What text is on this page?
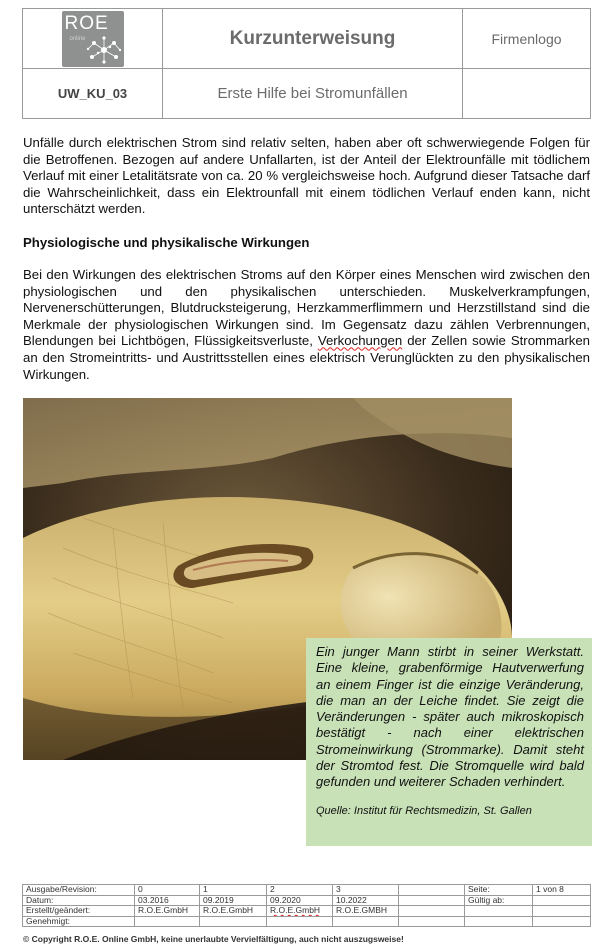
ROE
online	Kurzunterweisung	Firmenlogo
UW_KU_03	Erste Hilfe bei Stromunfällen	

Unfälle durch elektrischen Strom sind relativ selten, haben aber oft schwerwiegende Folgen für die Betroffenen. Bezogen auf andere Unfallarten, ist der Anteil der Elektrounfälle mit tödlichem Verlauf mit einer Letalitätsrate von ca. 20 % vergleichsweise hoch. Aufgrund dieser Tatsache darf die Wahrscheinlichkeit, dass ein Elektrounfall mit einem tödlichen Verlauf enden kann, nicht unterschätzt werden.

Physiologische und physikalische Wirkungen

Bei den Wirkungen des elektrischen Stroms auf den Körper eines Menschen wird zwischen den physiologischen und den physikalischen unterschieden. Muskelverkrampfungen, Nervenerschütterungen, Blutdrucksteigerung, Herzkammerflimmern und Herzstillstand sind die Merkmale der physiologischen Wirkungen sind. Im Gegensatz dazu zählen Verbrennungen, Blendungen bei Lichtbögen, Flüssigkeitsverluste, Verkochungen der Zellen sowie Strommarken an den Stromeintritts- und Austrittsstellen eines elektrisch Verunglückten zu den physikalischen Wirkungen.

Ein junger Mann stirbt in seiner Werkstatt. Eine kleine, grabenförmige Hautverwerfung an einem Finger ist die einzige Veränderung, die man an der Leiche findet. Sie zeigt die Veränderungen - später auch mikroskopisch bestätigt - nach einer elektrischen Stromeinwirkung (Strommarke). Damit steht der Stromtod fest. Die Stromquelle wird bald gefunden und weiterer Schaden verhindert.

Quelle: Institut für Rechtsmedizin, St. Gallen

Ausgabe/Revision:	0	1	2	3		Seite:	1 von 8
Datum:	03.2016	09.2019	09.2020	10.2022		Gültig ab:	
Erstellt/geändert:	R.O.E.GmbH	R.O.E.GmbH	R.O.E.GmbH	R.O.E.GMBH			
Genehmigt:							

© Copyright R.O.E. Online GmbH, keine unerlaubte Vervielfältigung, auch nicht auszugsweise!
